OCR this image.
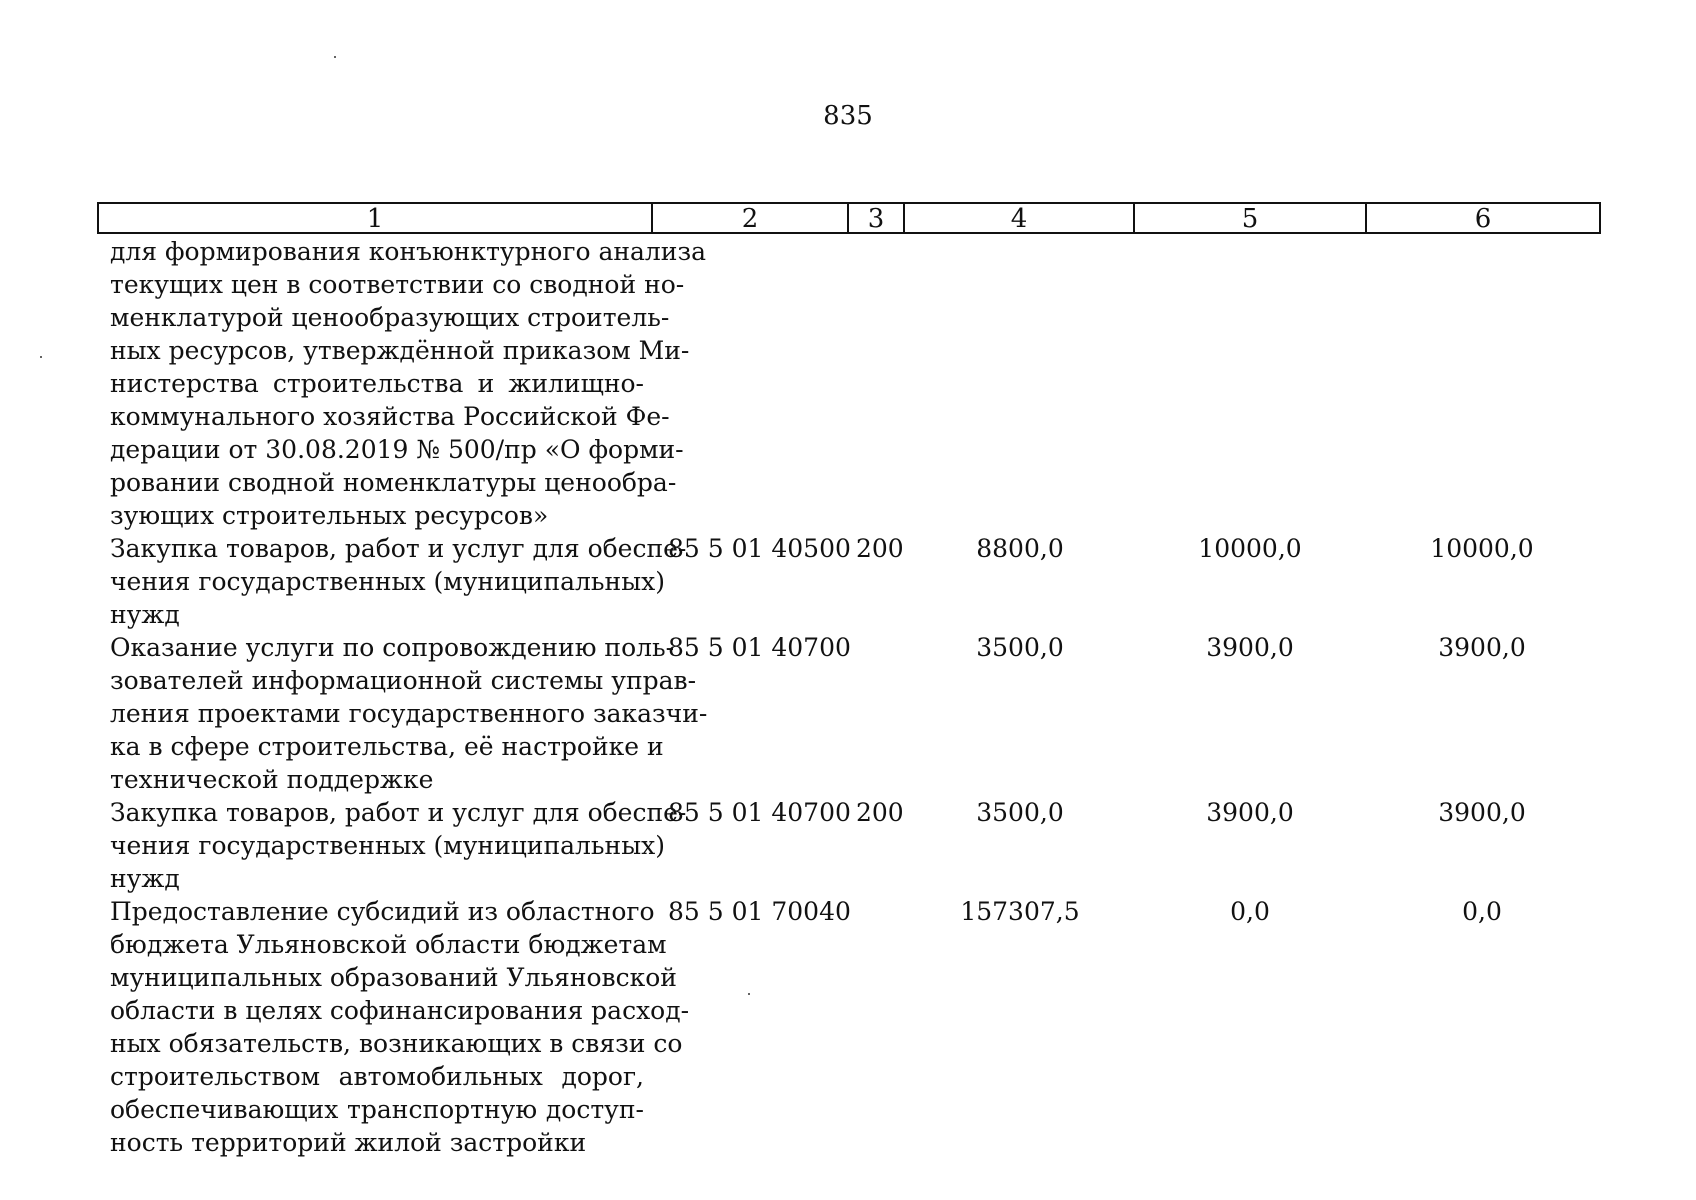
835
1	2	3	4	5	6
для формирования конъюнктурного анализа
текущих цен в соответствии со сводной но-
менклатурой ценообразующих строитель-
ных ресурсов, утверждённой приказом Ми-
нистерства строительства и жилищно-
коммунального хозяйства Российской Фе-
дерации от 30.08.2019 № 500/пр «О форми-
ровании сводной номенклатуры ценообра-
зующих строительных ресурсов»
Закупка товаров, работ и услуг для обеспе-
чения государственных (муниципальных)
нужд
85 5 01 40500 200	8800,0	10000,0	10000,0
Оказание услуги по сопровождению поль-
зователей информационной системы управ-
ления проектами государственного заказчи-
ка в сфере строительства, её настройке и
технической поддержке
85 5 01 40700	3500,0	3900,0	3900,0
Закупка товаров, работ и услуг для обеспе-
чения государственных (муниципальных)
нужд
85 5 01 40700 200	3500,0	3900,0	3900,0
Предоставление субсидий из областного
бюджета Ульяновской области бюджетам
муниципальных образований Ульяновской
области в целях софинансирования расход-
ных обязательств, возникающих в связи со
строительством автомобильных дорог,
обеспечивающих транспортную доступ-
ность территорий жилой застройки
85 5 01 70040	157307,5	0,0	0,0
